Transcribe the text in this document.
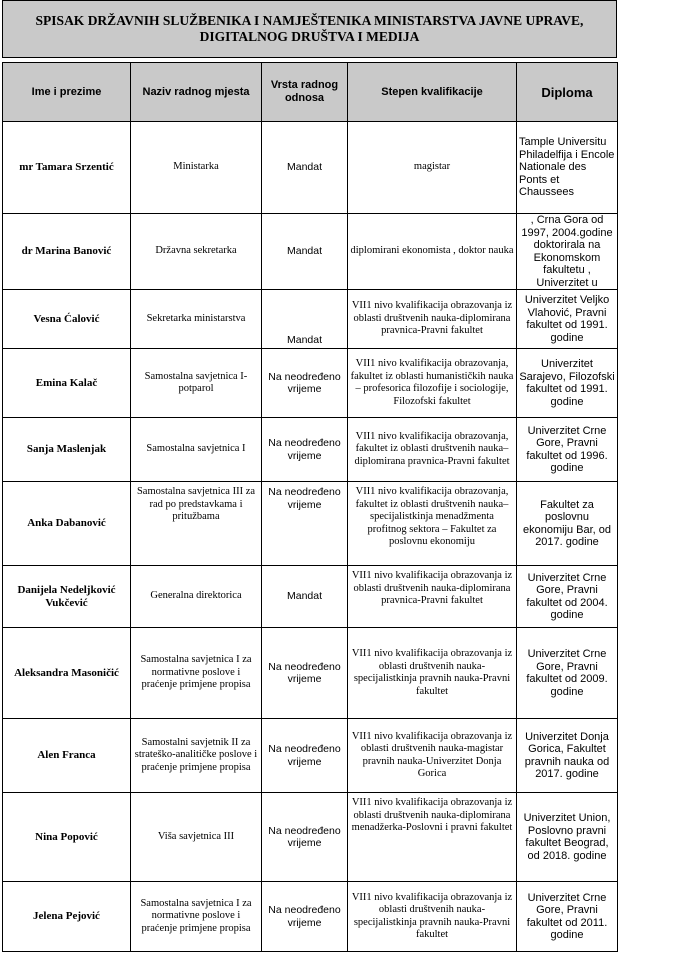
SPISAK DRŽAVNIH SLUŽBENIKA I NAMJEŠTENIKA MINISTARSTVA JAVNE UPRAVE, DIGITALNOG DRUŠTVA I MEDIJA
Ime i prezime	Naziv radnog mjesta	Vrsta radnog odnosa	Stepen kvalifikacije	Diploma
mr Tamara Srzentić	Ministarka	Mandat	magistar	Tample Universitu Philadelfija i Encole Nationale des Ponts et Chaussees
dr Marina Banović	Državna sekretarka	Mandat	diplomirani ekonomista , doktor nauka	, Crna Gora od 1997, 2004.godine doktorirala na Ekonomskom fakultetu , Univerzitet u
Vesna Ćalović	Sekretarka ministarstva	Mandat	VII1 nivo kvalifikacija obrazovanja iz oblasti društvenih nauka-diplomirana pravnica-Pravni fakultet	Univerzitet Veljko Vlahović, Pravni fakultet od 1991. godine
Emina Kalač	Samostalna savjetnica I-potparol	Na neodređeno vrijeme	VII1 nivo kvalifikacija obrazovanja, fakultet iz oblasti humanističkih nauka – profesorica filozofije i sociologije, Filozofski fakultet	Univerzitet Sarajevo, Filozofski fakultet od 1991. godine
Sanja Maslenjak	Samostalna savjetnica I	Na neodređeno vrijeme	VII1 nivo kvalifikacija obrazovanja, fakultet iz oblasti društvenih nauka–diplomirana pravnica-Pravni fakultet	Univerzitet Crne Gore, Pravni fakultet od 1996. godine
Anka Dabanović	Samostalna savjetnica III za rad po predstavkama i pritužbama	Na neodređeno vrijeme	VII1 nivo kvalifikacija obrazovanja, fakultet iz oblasti društvenih nauka–specijalistkinja menadžmenta profitnog sektora – Fakultet za poslovnu ekonomiju	Fakultet za poslovnu ekonomiju Bar, od 2017. godine
Danijela Nedeljković Vukčević	Generalna direktorica	Mandat	VII1 nivo kvalifikacija obrazovanja iz oblasti društvenih nauka-diplomirana pravnica-Pravni fakultet	Univerzitet Crne Gore, Pravni fakultet od 2004. godine
Aleksandra Masoničić	Samostalna savjetnica I za normativne poslove i praćenje primjene propisa	Na neodređeno vrijeme	VII1 nivo kvalifikacija obrazovanja iz oblasti društvenih nauka-specijalistkinja pravnih nauka-Pravni fakultet	Univerzitet Crne Gore, Pravni fakultet od 2009. godine
Alen Franca	Samostalni savjetnik II za strateško-analitičke poslove i praćenje primjene propisa	Na neodređeno vrijeme	VII1 nivo kvalifikacija obrazovanja iz oblasti društvenih nauka-magistar pravnih nauka-Univerzitet Donja Gorica	Univerzitet Donja Gorica, Fakultet pravnih nauka od 2017. godine
Nina Popović	Viša savjetnica III	Na neodređeno vrijeme	VII1 nivo kvalifikacija obrazovanja iz oblasti društvenih nauka-diplomirana menadžerka-Poslovni i pravni fakultet	Univerzitet Union, Poslovno pravni fakultet Beograd, od 2018. godine
Jelena Pejović	Samostalna savjetnica I za normativne poslove i praćenje primjene propisa	Na neodređeno vrijeme	VII1 nivo kvalifikacija obrazovanja iz oblasti društvenih nauka-specijalistkinja pravnih nauka-Pravni fakultet	Univerzitet Crne Gore, Pravni fakultet od 2011. godine
